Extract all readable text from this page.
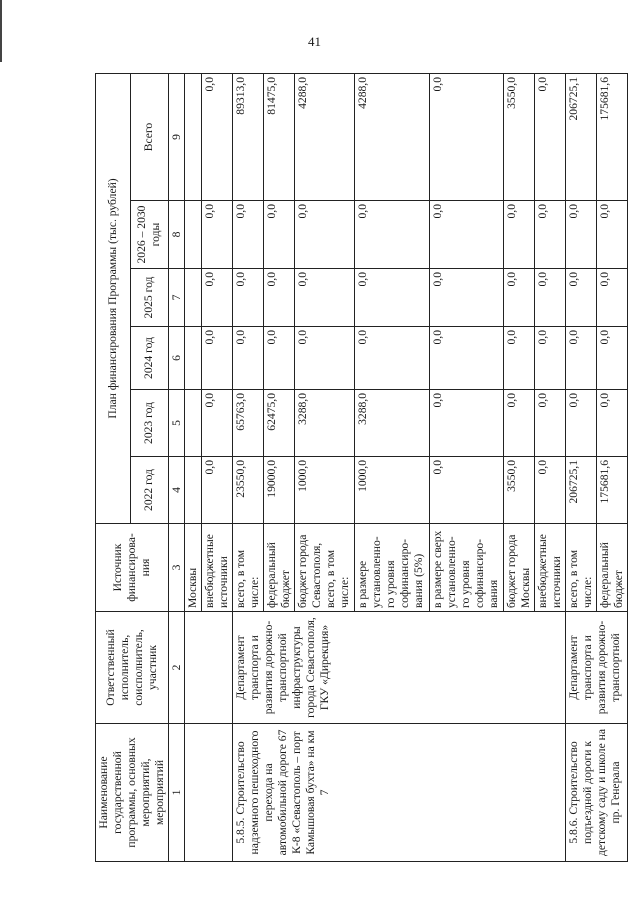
41
Наименование государственной программы, основных мероприятий, мероприятий	Ответственный исполнитель, соисполнитель, участник	Источник финансирова-ния	План финансирования Программы (тыс. рублей)					
			2022 год	2023 год	2024 год	2025 год	2026 – 2030 годы	Всего
1	2	3	4	5	6	7	8	9
		Москвы						
		внебюджетные источники	0,0	0,0	0,0	0,0	0,0	0,0
5.8.5. Строительство надземного пешеходного перехода на автомобильной дороге 67 К-8 «Севастополь – порт Камышовая бухта» на км 7	Департамент транспорта и развития дорожно-транспортной инфраструктуры города Севастополя, ГКУ «Дирекция»	всего, в том числе:	23550,0	65763,0	0,0	0,0	0,0	89313,0
		федеральный бюджет	19000,0	62475,0	0,0	0,0	0,0	81475,0
		бюджет города Севастополя, всего, в том числе:	1000,0	3288,0	0,0	0,0	0,0	4288,0
		в размере установленно-го уровня софинансиро-вания (5%)	1000,0	3288,0	0,0	0,0	0,0	4288,0
		в размере сверх установленно-го уровня софинансиро-вания	0,0	0,0	0,0	0,0	0,0	0,0
		бюджет города Москвы	3550,0	0,0	0,0	0,0	0,0	3550,0
		внебюджетные источники	0,0	0,0	0,0	0,0	0,0	0,0
5.8.6. Строительство подъездной дороги к детскому саду и школе на пр. Генерала	Департамент транспорта и развития дорожно-транспортной	всего, в том числе:	206725,1	0,0	0,0	0,0	0,0	206725,1
		федеральный бюджет	175681,6	0,0	0,0	0,0	0,0	175681,6
